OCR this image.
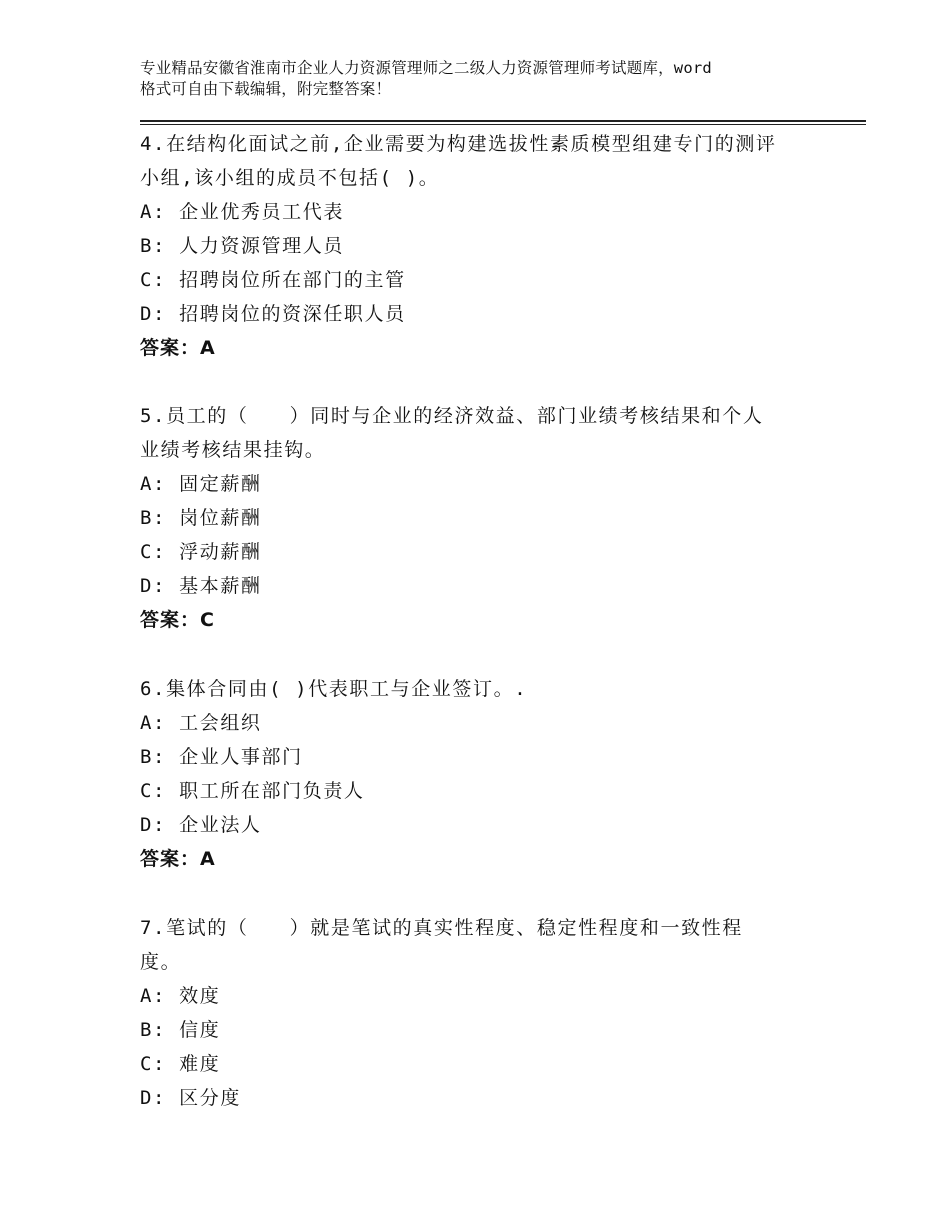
专业精品安徽省淮南市企业人力资源管理师之二级人力资源管理师考试题库，word
格式可自由下载编辑，附完整答案！
4.在结构化面试之前,企业需要为构建选拔性素质模型组建专门的测评
小组,该小组的成员不包括( )。
A: 企业优秀员工代表
B: 人力资源管理人员
C: 招聘岗位所在部门的主管
D: 招聘岗位的资深任职人员
答案：A
5.员工的（　　）同时与企业的经济效益、部门业绩考核结果和个人
业绩考核结果挂钩。
A: 固定薪酬
B: 岗位薪酬
C: 浮动薪酬
D: 基本薪酬
答案：C
6.集体合同由( )代表职工与企业签订。.
A: 工会组织
B: 企业人事部门
C: 职工所在部门负责人
D: 企业法人
答案：A
7.笔试的（　　）就是笔试的真实性程度、稳定性程度和一致性程
度。
A: 效度
B: 信度
C: 难度
D: 区分度
